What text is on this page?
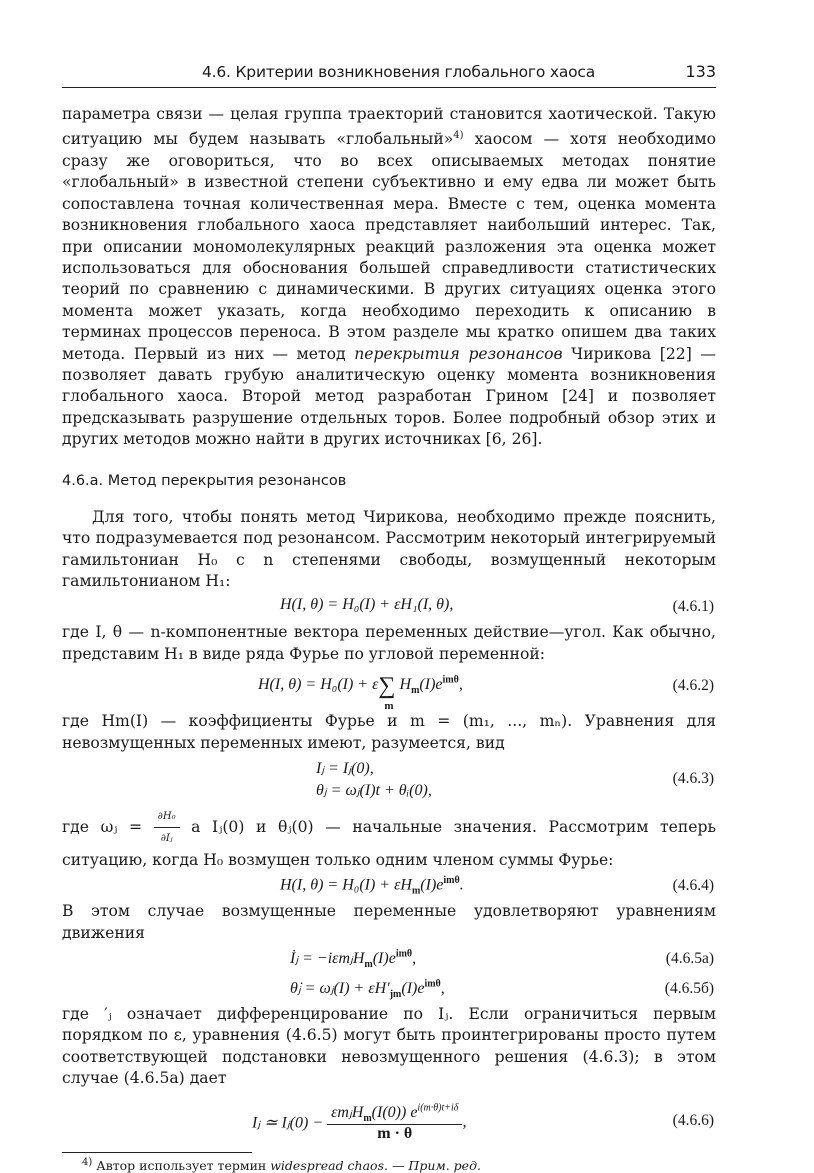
4.6. Критерии возникновения глобального хаоса	133

параметра связи — целая группа траекторий становится хаотической. Такую ситуацию мы будем называть «глобальный»$^{4)}$ хаосом — хотя необходимо сразу же оговориться, что во всех описываемых методах понятие «глобальный» в известной степени субъективно и ему едва ли может быть сопоставлена точная количественная мера. Вместе с тем, оценка момента возникновения глобального хаоса представляет наибольший интерес. Так, при описании мономолекулярных реакций разложения эта оценка может использоваться для обоснования большей справедливости статистических теорий по сравнению с динамическими. В других ситуациях оценка этого момента может указать, когда необходимо переходить к описанию в терминах процессов переноса. В этом разделе мы кратко опишем два таких метода. Первый из них — метод перекрытия резонансов Чирикова [22] — позволяет давать грубую аналитическую оценку момента возникновения глобального хаоса. Второй метод разработан Грином [24] и позволяет предсказывать разрушение отдельных торов. Более подробный обзор этих и других методов можно найти в других источниках [6, 26].

4.6.а. Метод перекрытия резонансов

Для того, чтобы понять метод Чирикова, необходимо прежде пояснить, что подразумевается под резонансом. Рассмотрим некоторый интегрируемый гамильтониан H₀ с n степенями свободы, возмущенный некоторым гамильтонианом H₁:

H(I, θ) = H₀(I) + εH₁(I, θ),	(4.6.1)

где I, θ — n-компонентные вектора переменных действие—угол. Как обычно, представим H₁ в виде ряда Фурье по угловой переменной:

H(I, θ) = H₀(I) + ε∑
m
$H_m(I)e^{im\theta}$,	(4.6.2)

где Hm(I) — коэффициенты Фурье и m = (m₁, ..., mₙ). Уравнения для невозмущенных переменных имеют, разумеется, вид

Iⱼ = Iⱼ(0),
θⱼ = ωⱼ(I)t + θᵢ(0),
(4.6.3)

где ωⱼ = $\frac{\text{∂H₀}}{\text{∂Iⱼ}}$ a Iⱼ(0) и θⱼ(0) — начальные значения. Рассмотрим теперь ситуацию, когда H₀ возмущен только одним членом суммы Фурье:

H(I, $\theta) = H_0(I) + \varepsilon H_m(I)e^{im\theta}$.	(4.6.4)

В этом случае возмущенные переменные удовлетворяют уравнениям движения

İⱼ = $-i\varepsilon mⱼH_m(I)e^{im\theta}$,	(4.6.5а)
θ̇ⱼ = ωⱼ(I) + $\varepsilon H'_{jm}(I)e^{im\theta}$,	(4.6.5б)

где ′ⱼ означает дифференцирование по Iⱼ. Если ограничиться первым порядком по ε, уравнения (4.6.5) могут быть проинтегрированы просто путем соответствующей подстановки невозмущенного решения (4.6.3); в этом случае (4.6.5а) дает

Iⱼ ≃ Iⱼ(0) − $\frac{\varepsilon mⱼH_m(I(0)) e^{i(m\cdot\theta)t+i\delta}}{m \cdot \theta}$ ,	(4.6.6)
$^{4)}$ Автор использует термин widespread chaos. — Прим. ред.
